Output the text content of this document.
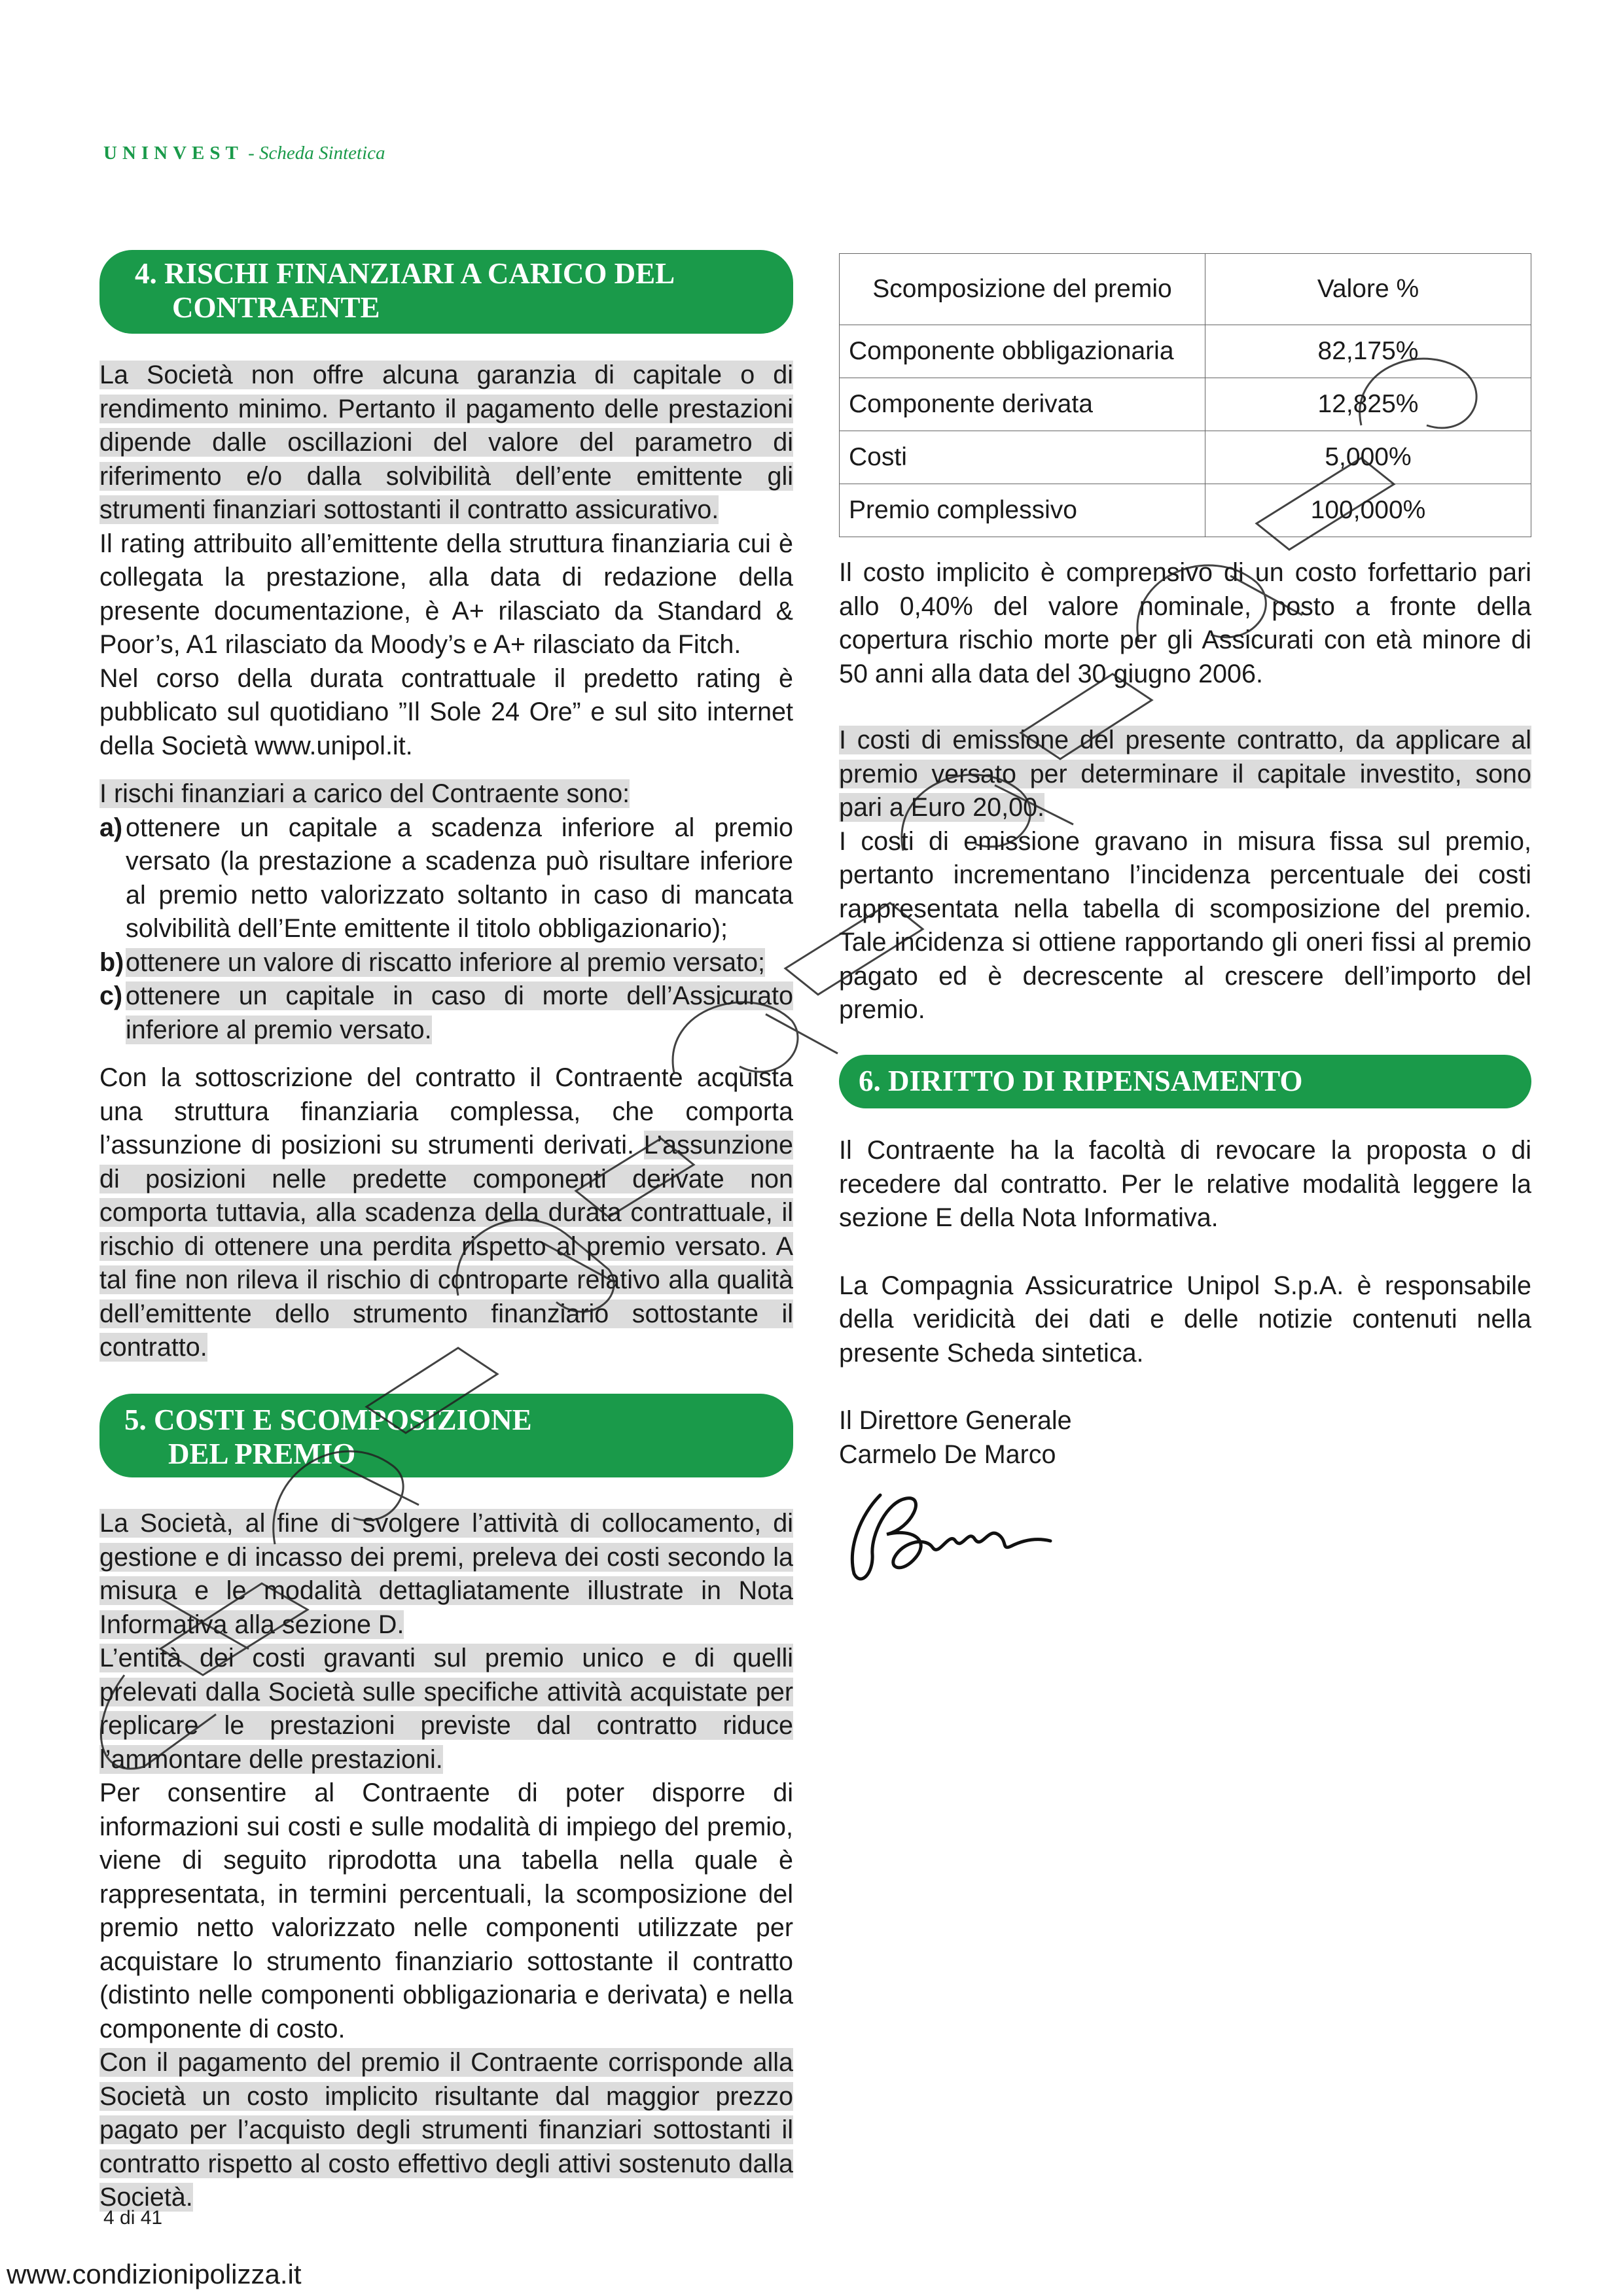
UNINVEST - Scheda Sintetica
4. RISCHI FINANZIARI A CARICO DEL
CONTRAENTE

La Società non offre alcuna garanzia di capitale o di rendimento minimo. Pertanto il pagamento delle prestazioni dipende dalle oscillazioni del valore del parametro di riferimento e/o dalla solvibilità dell’ente emittente gli strumenti finanziari sottostanti il contratto assicurativo.

Il rating attribuito all’emittente della struttura finanziaria cui è collegata la prestazione, alla data di redazione della presente documentazione, è A+ rilasciato da Standard & Poor’s, A1 rilasciato da Moody’s e A+ rilasciato da Fitch.

Nel corso della durata contrattuale il predetto rating è pubblicato sul quotidiano ”Il Sole 24 Ore” e sul sito internet della Società www.unipol.it.

I rischi finanziari a carico del Contraente sono:

a) ottenere un capitale a scadenza inferiore al premio versato (la prestazione a scadenza può risultare inferiore al premio netto valorizzato soltanto in caso di mancata solvibilità dell’Ente emittente il titolo obbligazionario);
b) ottenere un valore di riscatto inferiore al premio versato;
c) ottenere un capitale in caso di morte dell’Assicurato inferiore al premio versato.

Con la sottoscrizione del contratto il Contraente acquista una struttura finanziaria complessa, che comporta l’assunzione di posizioni su strumenti derivati. L’assunzione di posizioni nelle predette componenti derivate non comporta tuttavia, alla scadenza della durata contrattuale, il rischio di ottenere una perdita rispetto al premio versato. A tal fine non rileva il rischio di controparte relativo alla qualità dell’emittente dello strumento finanziario sottostante il contratto.

5. COSTI E SCOMPOSIZIONE
DEL PREMIO

La Società, al fine di svolgere l’attività di collocamento, di gestione e di incasso dei premi, preleva dei costi secondo la misura e le modalità dettagliatamente illustrate in Nota Informativa alla sezione D.

L’entità dei costi gravanti sul premio unico e di quelli prelevati dalla Società sulle specifiche attività acquistate per replicare le prestazioni previste dal contratto riduce l’ammontare delle prestazioni.

Per consentire al Contraente di poter disporre di informazioni sui costi e sulle modalità di impiego del premio, viene di seguito riprodotta una tabella nella quale è rappresentata, in termini percentuali, la scomposizione del premio netto valorizzato nelle componenti utilizzate per acquistare lo strumento finanziario sottostante il contratto (distinto nelle componenti obbligazionaria e derivata) e nella componente di costo.

Con il pagamento del premio il Contraente corrisponde alla Società un costo implicito risultante dal maggior prezzo pagato per l’acquisto degli strumenti finanziari sottostanti il contratto rispetto al costo effettivo degli attivi sostenuto dalla Società.

Scomposizione del premio	Valore %
Componente obbligazionaria	82,175%
Componente derivata	12,825%
Costi	5,000%
Premio complessivo	100,000%

Il costo implicito è comprensivo di un costo forfettario pari allo 0,40% del valore nominale, posto a fronte della copertura rischio morte per gli Assicurati con età minore di 50 anni alla data del 30 giugno 2006.

I costi di emissione del presente contratto, da applicare al premio versato per determinare il capitale investito, sono pari a Euro 20,00.

I costi di emissione gravano in misura fissa sul premio, pertanto incrementano l’incidenza percentuale dei costi rappresentata nella tabella di scomposizione del premio. Tale incidenza si ottiene rapportando gli oneri fissi al premio pagato ed è decrescente al crescere dell’importo del premio.

6. DIRITTO DI RIPENSAMENTO

Il Contraente ha la facoltà di revocare la proposta o di recedere dal contratto. Per le relative modalità leggere la sezione E della Nota Informativa.

La Compagnia Assicuratrice Unipol S.p.A. è responsabile della veridicità dei dati e delle notizie contenuti nella presente Scheda sintetica.

Il Direttore Generale

Carmelo De Marco

4 di 41
www.condizionipolizza.it
